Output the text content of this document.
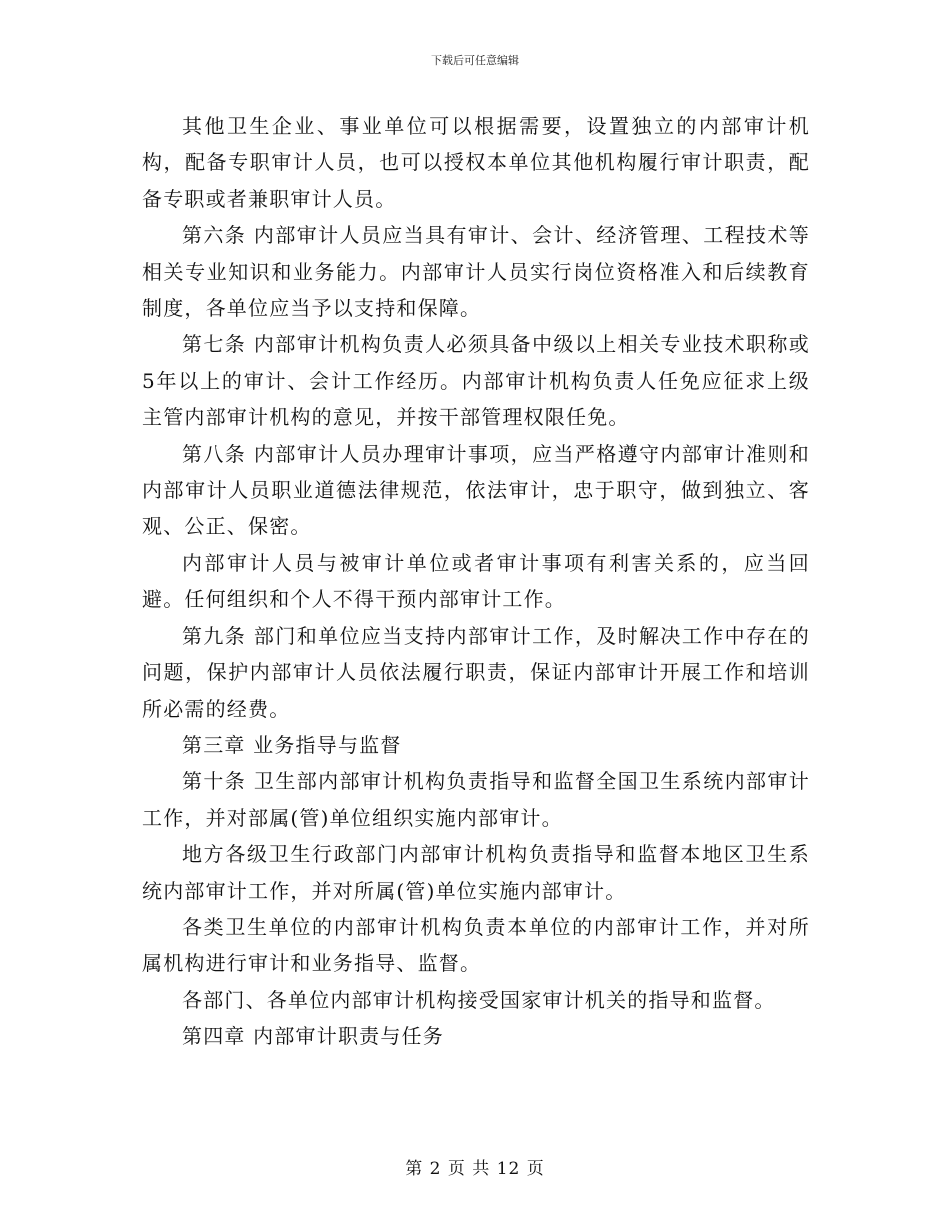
下载后可任意编辑

其他卫生企业、事业单位可以根据需要，设置独立的内部审计机构，配备专职审计人员，也可以授权本单位其他机构履行审计职责，配备专职或者兼职审计人员。

第六条 内部审计人员应当具有审计、会计、经济管理、工程技术等相关专业知识和业务能力。内部审计人员实行岗位资格准入和后续教育制度，各单位应当予以支持和保障。

第七条 内部审计机构负责人必须具备中级以上相关专业技术职称或5年以上的审计、会计工作经历。内部审计机构负责人任免应征求上级主管内部审计机构的意见，并按干部管理权限任免。

第八条 内部审计人员办理审计事项，应当严格遵守内部审计准则和内部审计人员职业道德法律规范，依法审计，忠于职守，做到独立、客观、公正、保密。

内部审计人员与被审计单位或者审计事项有利害关系的，应当回避。任何组织和个人不得干预内部审计工作。

第九条 部门和单位应当支持内部审计工作，及时解决工作中存在的问题，保护内部审计人员依法履行职责，保证内部审计开展工作和培训所必需的经费。

第三章 业务指导与监督

第十条 卫生部内部审计机构负责指导和监督全国卫生系统内部审计工作，并对部属(管)单位组织实施内部审计。

地方各级卫生行政部门内部审计机构负责指导和监督本地区卫生系统内部审计工作，并对所属(管)单位实施内部审计。

各类卫生单位的内部审计机构负责本单位的内部审计工作，并对所属机构进行审计和业务指导、监督。

各部门、各单位内部审计机构接受国家审计机关的指导和监督。

第四章 内部审计职责与任务

第 2 页 共 12 页
